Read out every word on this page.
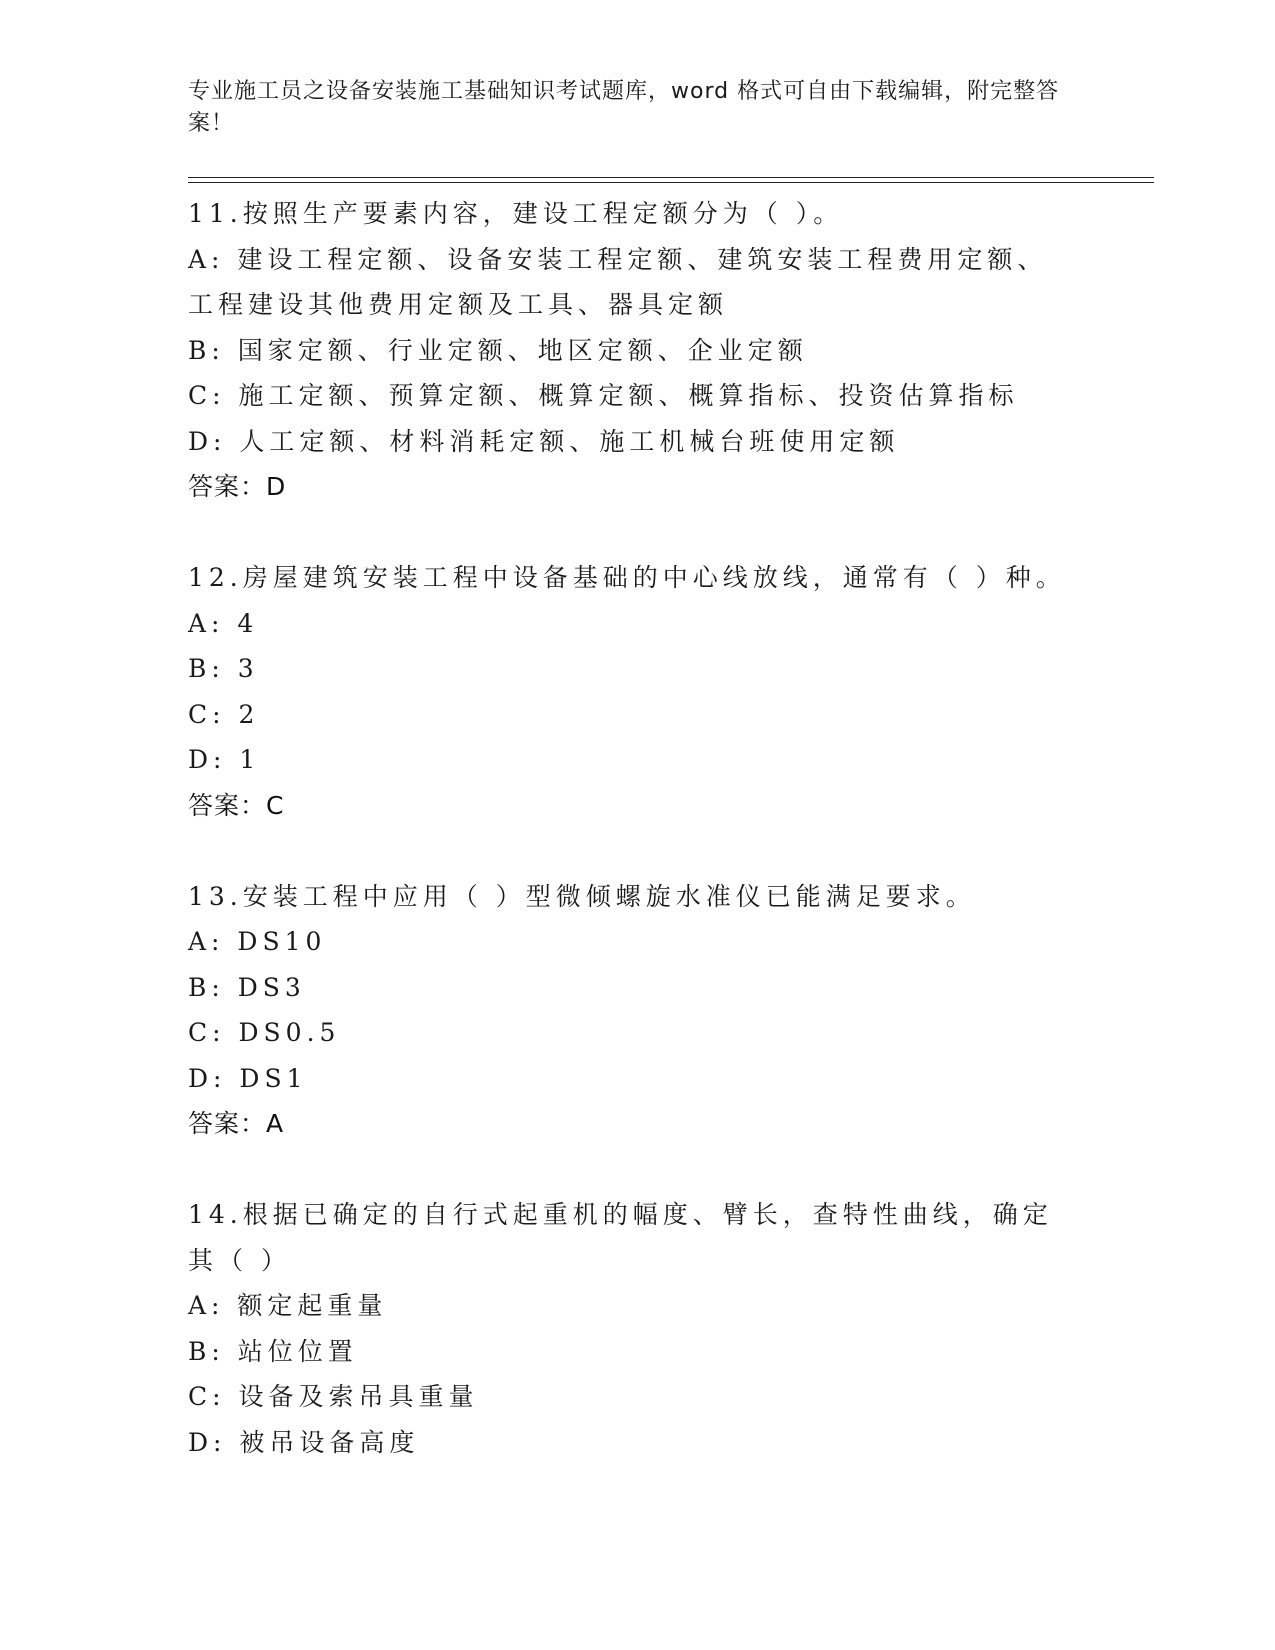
专业施工员之设备安装施工基础知识考试题库，word 格式可自由下载编辑，附完整答案！
11.按照生产要素内容，建设工程定额分为（ ）。
A: 建设工程定额、设备安装工程定额、建筑安装工程费用定额、工程建设其他费用定额及工具、器具定额
B: 国家定额、行业定额、地区定额、企业定额
C: 施工定额、预算定额、概算定额、概算指标、投资估算指标
D: 人工定额、材料消耗定额、施工机械台班使用定额
答案：D
12.房屋建筑安装工程中设备基础的中心线放线，通常有（ ）种。
A: 4
B: 3
C: 2
D: 1
答案：C
13.安装工程中应用（ ）型微倾螺旋水准仪已能满足要求。
A: DS10
B: DS3
C: DS0.5
D: DS1
答案：A
14.根据已确定的自行式起重机的幅度、臂长，查特性曲线，确定其（ ）
A: 额定起重量
B: 站位位置
C: 设备及索吊具重量
D: 被吊设备高度
